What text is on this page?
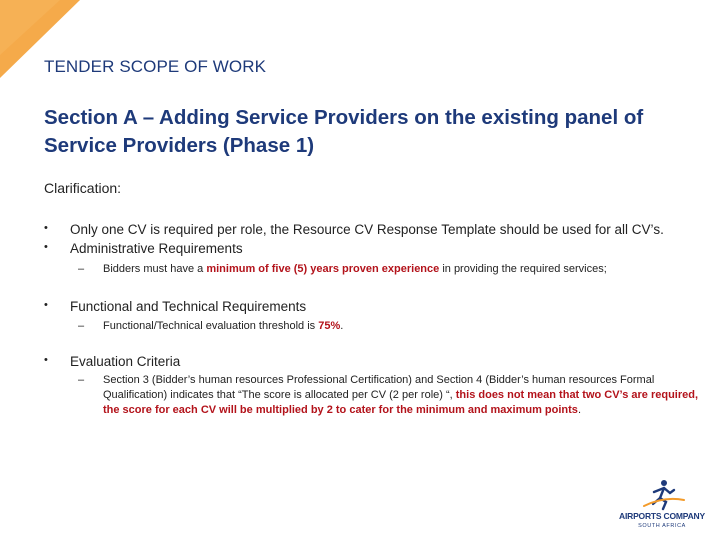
TENDER SCOPE OF WORK
Section A – Adding Service Providers on the existing panel of Service Providers (Phase 1)
Clarification:
• Only one CV is required per role, the Resource CV Response Template should be used for all CV’s.
• Administrative Requirements
– Bidders must have a minimum of five (5) years proven experience in providing the required services;
• Functional and Technical Requirements
– Functional/Technical evaluation threshold is 75%.
• Evaluation Criteria
– Section 3 (Bidder’s human resources Professional Certification) and Section 4 (Bidder’s human resources Formal Qualification) indicates that “The score is allocated per CV (2 per role) “, this does not mean that two CV’s are required, the score for each CV will be multiplied by 2 to cater for the minimum and maximum points.
AIRPORTS COMPANY
SOUTH AFRICA
